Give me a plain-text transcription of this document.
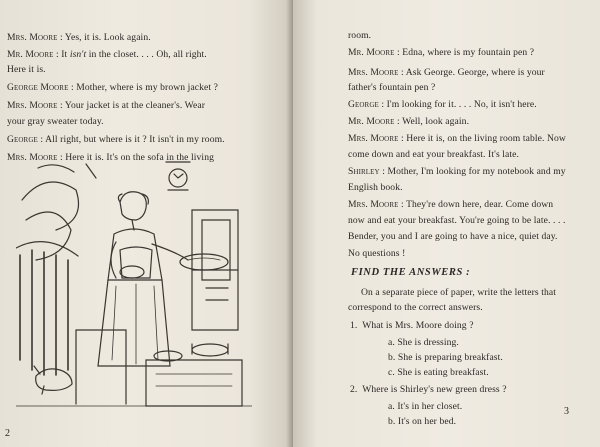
Mrs. Moore : Yes, it is. Look again.
Mr. Moore : It isn't in the closet. . . . Oh, all right.
Here it is.
George Moore : Mother, where is my brown jacket ?
Mrs. Moore : Your jacket is at the cleaner's. Wear
your gray sweater today.
George : All right, but where is it ? It isn't in my room.
Mrs. Moore : Here it is. It's on the sofa in the living
2
room.
Mr. Moore : Edna, where is my fountain pen ?
Mrs. Moore : Ask George. George, where is your
father's fountain pen ?
George : I'm looking for it. . . . No, it isn't here.
Mr. Moore : Well, look again.
Mrs. Moore : Here it is, on the living room table. Now
come down and eat your breakfast. It's late.
Shirley : Mother, I'm looking for my notebook and my
English book.
Mrs. Moore : They're down here, dear. Come down
now and eat your breakfast. You're going to be late. . . .
Bender, you and I are going to have a nice, quiet day.
No questions !
FIND THE ANSWERS :
On a separate piece of paper, write the letters that
correspond to the correct answers.
1. What is Mrs. Moore doing ?
a. She is dressing.
b. She is preparing breakfast.
c. She is eating breakfast.
2. Where is Shirley's new green dress ?
a. It's in her closet.
b. It's on her bed.
3
